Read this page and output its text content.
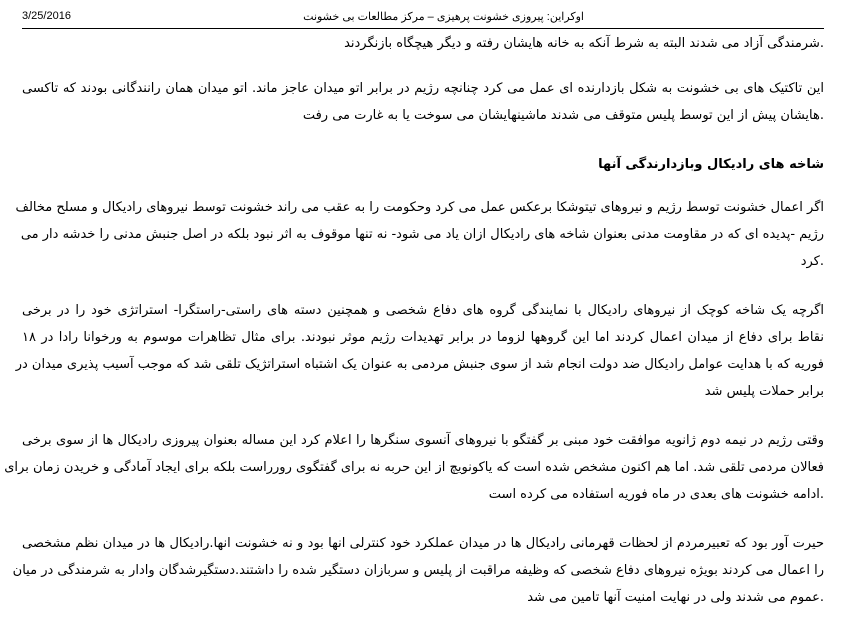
اوکراین: پیروزی خشونت پرهیزی – مرکز مطالعات بی خشونت
3/25/2016
.شرمندگی آزاد می شدند البته به شرط آنکه به خانه هایشان رفته و دیگر هیچگاه بازنگردند
این تاکتیک های بی خشونت به شکل بازدارنده ای عمل می کرد چنانچه رژیم در برابر اتو میدان عاجز ماند. اتو میدان همان رانندگانی بودند که تاکسی
.هایشان پیش از این توسط پلیس متوقف می شدند ماشینهایشان می سوخت یا به غارت می رفت
شاخه های رادیکال وبازدارندگی آنها
اگر اعمال خشونت توسط رژیم و نیروهای تیتوشکا برعکس عمل می کرد وحکومت را به عقب می راند خشونت توسط نیروهای رادیکال و مسلح مخالف
رژیم -پدیده ای که در مقاومت مدنی بعنوان شاخه های رادیکال ازان یاد می شود- نه تنها موقوف به اثر نبود بلکه در اصل جنبش مدنی را خدشه دار می
.کرد
اگرچه یک شاخه کوچک از نیروهای رادیکال با نمایندگی گروه های دفاع شخصی و همچنین دسته های راستی-راستگرا- استراتژی خود را در برخی
نقاط برای دفاع از میدان اعمال کردند اما این گروهها لزوما در برابر تهدیدات رژیم موثر نبودند. برای مثال تظاهرات موسوم به ورخوانا رادا در ۱۸
فوریه که با هدایت عوامل رادیکال ضد دولت انجام شد از سوی جنبش مردمی به عنوان یک اشتباه استراتژیک تلقی شد که موجب آسیب پذیری میدان در
برابر حملات پلیس شد
وقتی رژیم در نیمه دوم ژانویه موافقت خود مبنی بر گفتگو با نیروهای آنسوی سنگرها را اعلام کرد این مساله بعنوان پیروزی رادیکال ها از سوی برخی
فعالان مردمی تلقی شد. اما هم اکنون مشخص شده است که یاکونویچ از این حربه نه برای گفتگوی رورراست بلکه برای ایجاد آمادگی و خریدن زمان برای
.ادامه خشونت های بعدی در ماه فوریه استفاده می کرده است
حیرت آور بود که تعبیرمردم از لحظات قهرمانی رادیکال ها در میدان عملکرد خود کنترلی انها بود و نه خشونت انها.رادیکال ها در میدان نظم مشخصی
را اعمال می کردند بویژه نیروهای دفاع شخصی که وظیفه مراقبت از پلیس و سربازان دستگیر شده را داشتند.دستگیرشدگان وادار به شرمندگی در میان
.عموم می شدند ولی در نهایت امنیت آنها تامین می شد
